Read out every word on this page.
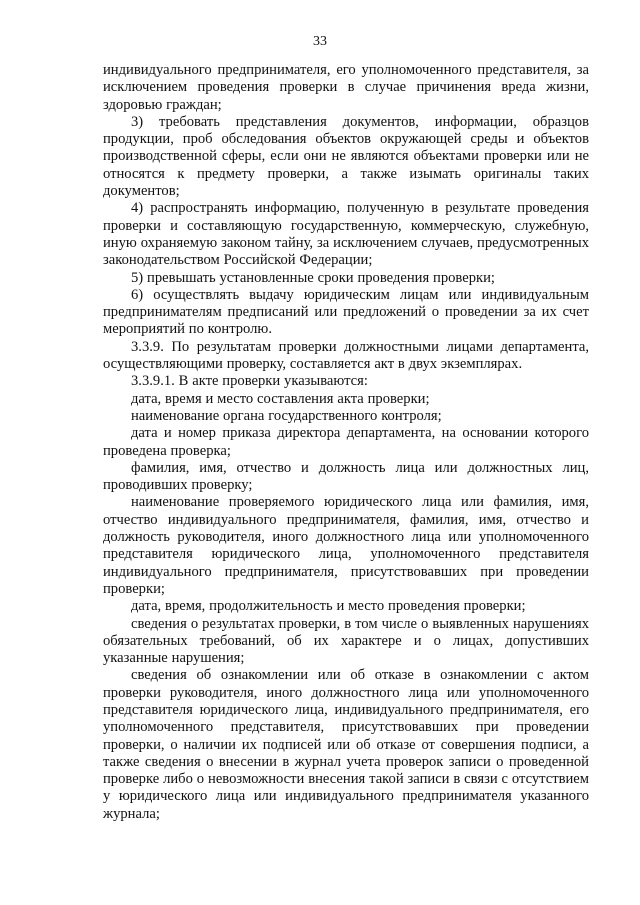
33

индивидуального предпринимателя, его уполномоченного представителя, за исключением проведения проверки в случае причинения вреда жизни, здоровью граждан;

3) требовать представления документов, информации, образцов продукции, проб обследования объектов окружающей среды и объектов производственной сферы, если они не являются объектами проверки или не относятся к предмету проверки, а также изымать оригиналы таких документов;

4) распространять информацию, полученную в результате проведения проверки и составляющую государственную, коммерческую, служебную, иную охраняемую законом тайну, за исключением случаев, предусмотренных законодательством Российской Федерации;

5) превышать установленные сроки проведения проверки;

6) осуществлять выдачу юридическим лицам или индивидуальным предпринимателям предписаний или предложений о проведении за их счет мероприятий по контролю.

3.3.9. По результатам проверки должностными лицами департамента, осуществляющими проверку, составляется акт в двух экземплярах.

3.3.9.1. В акте проверки указываются:

дата, время и место составления акта проверки;

наименование органа государственного контроля;

дата и номер приказа директора департамента, на основании которого проведена проверка;

фамилия, имя, отчество и должность лица или должностных лиц, проводивших проверку;

наименование проверяемого юридического лица или фамилия, имя, отчество индивидуального предпринимателя, фамилия, имя, отчество и должность руководителя, иного должностного лица или уполномоченного представителя юридического лица, уполномоченного представителя индивидуального предпринимателя, присутствовавших при проведении проверки;

дата, время, продолжительность и место проведения проверки;

сведения о результатах проверки, в том числе о выявленных нарушениях обязательных требований, об их характере и о лицах, допустивших указанные нарушения;

сведения об ознакомлении или об отказе в ознакомлении с актом проверки руководителя, иного должностного лица или уполномоченного представителя юридического лица, индивидуального предпринимателя, его уполномоченного представителя, присутствовавших при проведении проверки, о наличии их подписей или об отказе от совершения подписи, а также сведения о внесении в журнал учета проверок записи о проведенной проверке либо о невозможности внесения такой записи в связи с отсутствием у юридического лица или индивидуального предпринимателя указанного журнала;
